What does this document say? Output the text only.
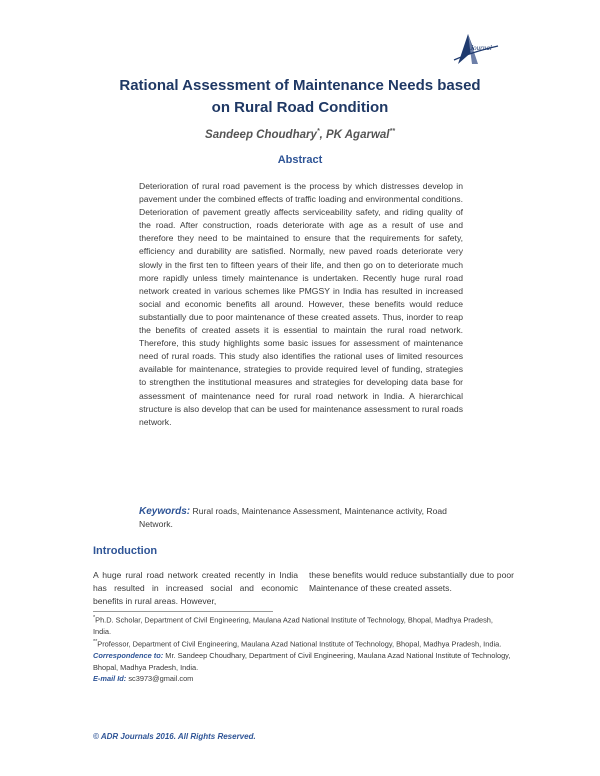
Journal
Rational Assessment of Maintenance Needs based
on Rural Road Condition
Sandeep Choudhary*, PK Agarwal**
Abstract
Deterioration of rural road pavement is the process by which distresses develop in pavement under the combined effects of traffic loading and environmental conditions. Deterioration of pavement greatly affects serviceability safety, and riding quality of the road. After construction, roads deteriorate with age as a result of use and therefore they need to be maintained to ensure that the requirements for safety, efficiency and durability are satisfied. Normally, new paved roads deteriorate very slowly in the first ten to fifteen years of their life, and then go on to deteriorate much more rapidly unless timely maintenance is undertaken. Recently huge rural road network created in various schemes like PMGSY in India has resulted in increased social and economic benefits all around. However, these benefits would reduce substantially due to poor maintenance of these created assets. Thus, inorder to reap the benefits of created assets it is essential to maintain the rural road network. Therefore, this study highlights some basic issues for assessment of maintenance need of rural roads. This study also identifies the rational uses of limited resources available for maintenance, strategies to provide required level of funding, strategies to strengthen the institutional measures and strategies for developing data base for assessment of maintenance need for rural road network in India. A hierarchical structure is also develop that can be used for maintenance assessment to rural roads network.
Keywords: Rural roads, Maintenance Assessment, Maintenance activity, Road Network.
Introduction
A huge rural road network created recently in India has resulted in increased social and economic benefits in rural areas. However,
these benefits would reduce substantially due to poor Maintenance of these created assets.
*Ph.D. Scholar, Department of Civil Engineering, Maulana Azad National Institute of Technology, Bhopal, Madhya Pradesh, India.
**Professor, Department of Civil Engineering, Maulana Azad National Institute of Technology, Bhopal, Madhya Pradesh, India.
Correspondence to: Mr. Sandeep Choudhary, Department of Civil Engineering, Maulana Azad National Institute of Technology, Bhopal, Madhya Pradesh, India.
E-mail Id: sc3973@gmail.com
© ADR Journals 2016. All Rights Reserved.
